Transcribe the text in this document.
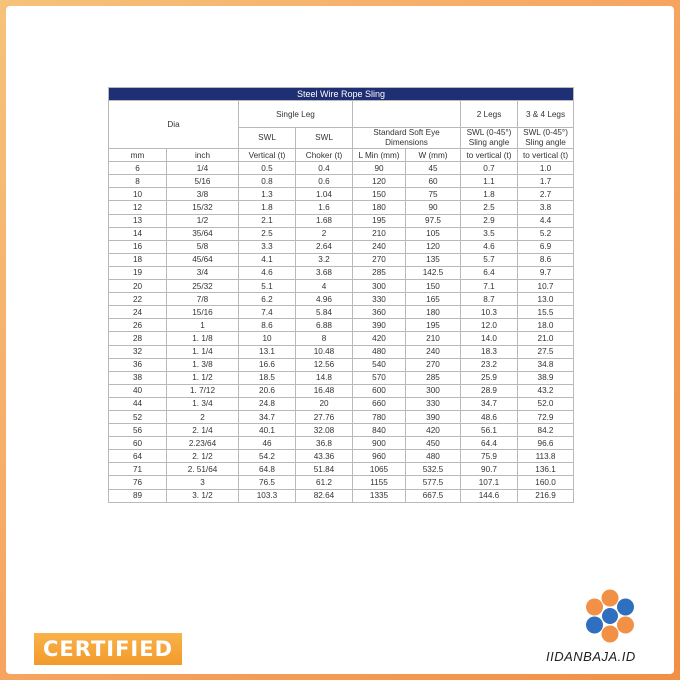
Steel Wire Rope Sling							
Dia		Single Leg				2 Legs	3 & 4 Legs
		SWL	SWL	Standard Soft Eye Dimensions		SWL (0-45°) Sling angle	SWL (0-45°) Sling angle
mm	inch	Vertical (t)	Choker (t)	L Min (mm)	W (mm)	to vertical (t)	to vertical (t)
6	1/4	0.5	0.4	90	45	0.7	1.0
8	5/16	0.8	0.6	120	60	1.1	1.7
10	3/8	1.3	1.04	150	75	1.8	2.7
12	15/32	1.8	1.6	180	90	2.5	3.8
13	1/2	2.1	1.68	195	97.5	2.9	4.4
14	35/64	2.5	2	210	105	3.5	5.2
16	5/8	3.3	2.64	240	120	4.6	6.9
18	45/64	4.1	3.2	270	135	5.7	8.6
19	3/4	4.6	3.68	285	142.5	6.4	9.7
20	25/32	5.1	4	300	150	7.1	10.7
22	7/8	6.2	4.96	330	165	8.7	13.0
24	15/16	7.4	5.84	360	180	10.3	15.5
26	1	8.6	6.88	390	195	12.0	18.0
28	1. 1/8	10	8	420	210	14.0	21.0
32	1. 1/4	13.1	10.48	480	240	18.3	27.5
36	1. 3/8	16.6	12.56	540	270	23.2	34.8
38	1. 1/2	18.5	14.8	570	285	25.9	38.9
40	1. 7/12	20.6	16.48	600	300	28.9	43.2
44	1. 3/4	24.8	20	660	330	34.7	52.0
52	2	34.7	27.76	780	390	48.6	72.9
56	2. 1/4	40.1	32.08	840	420	56.1	84.2
60	2.23/64	46	36.8	900	450	64.4	96.6
64	2. 1/2	54.2	43.36	960	480	75.9	113.8
71	2. 51/64	64.8	51.84	1065	532.5	90.7	136.1
76	3	76.5	61.2	1155	577.5	107.1	160.0
89	3. 1/2	103.3	82.64	1335	667.5	144.6	216.9
CERTIFIED	IIDANBAJA.ID
